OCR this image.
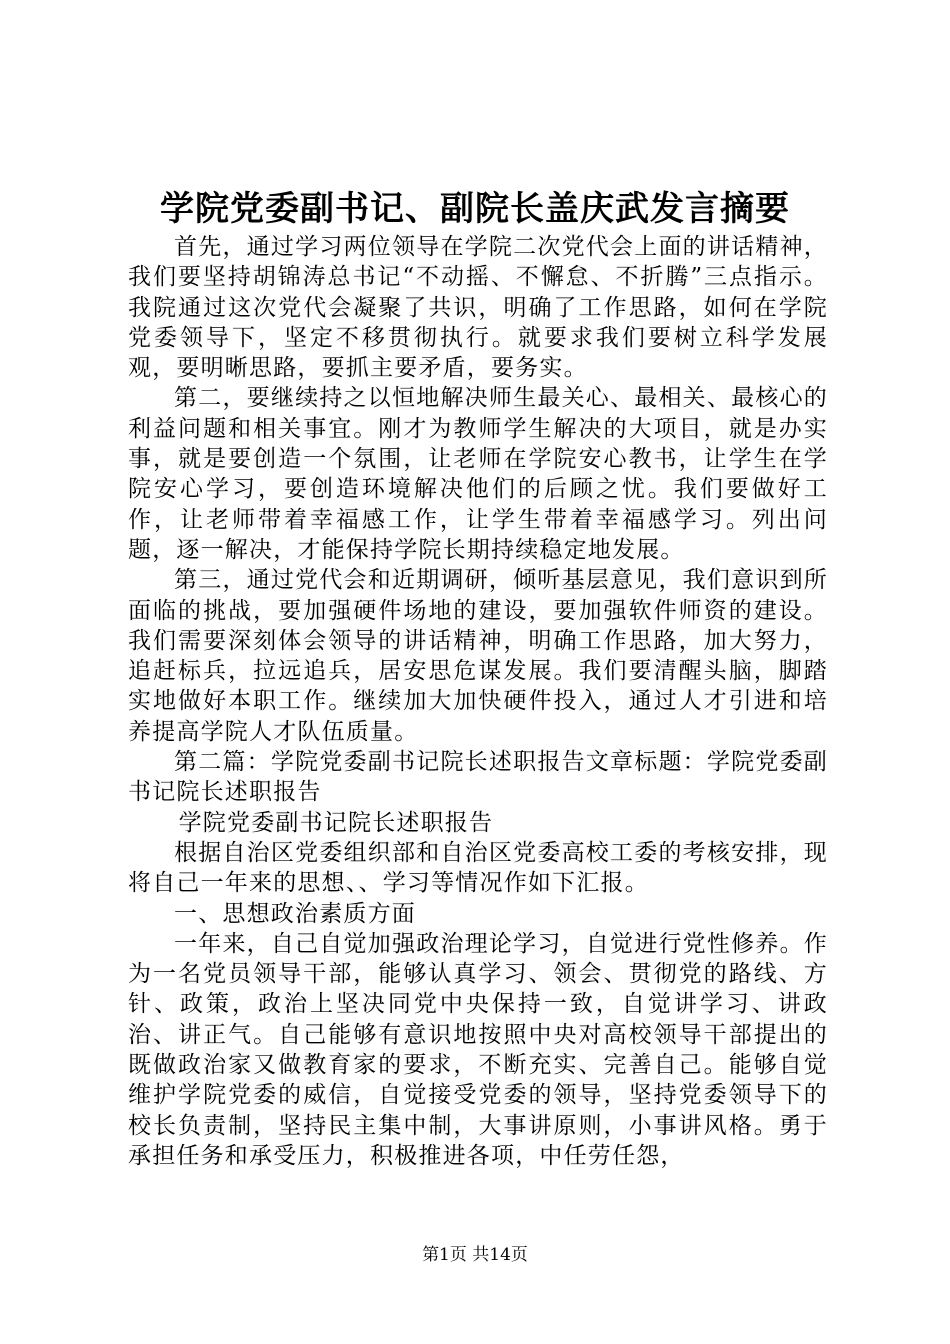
学院党委副书记、副院长盖庆武发言摘要

首先，通过学习两位领导在学院二次党代会上面的讲话精神，我们要坚持胡锦涛总书记“不动摇、不懈怠、不折腾”三点指示。我院通过这次党代会凝聚了共识，明确了工作思路，如何在学院党委领导下，坚定不移贯彻执行。就要求我们要树立科学发展观，要明晰思路，要抓主要矛盾，要务实。

第二，要继续持之以恒地解决师生最关心、最相关、最核心的利益问题和相关事宜。刚才为教师学生解决的大项目，就是办实事，就是要创造一个氛围，让老师在学院安心教书，让学生在学院安心学习，要创造环境解决他们的后顾之忧。我们要做好工作，让老师带着幸福感工作，让学生带着幸福感学习。列出问题，逐一解决，才能保持学院长期持续稳定地发展。

第三，通过党代会和近期调研，倾听基层意见，我们意识到所面临的挑战，要加强硬件场地的建设，要加强软件师资的建设。我们需要深刻体会领导的讲话精神，明确工作思路，加大努力，追赶标兵，拉远追兵，居安思危谋发展。我们要清醒头脑，脚踏实地做好本职工作。继续加大加快硬件投入，通过人才引进和培养提高学院人才队伍质量。

第二篇：学院党委副书记院长述职报告文章标题：学院党委副书记院长述职报告

学院党委副书记院长述职报告

根据自治区党委组织部和自治区党委高校工委的考核安排，现将自己一年来的思想、、学习等情况作如下汇报。

一、思想政治素质方面

一年来，自己自觉加强政治理论学习，自觉进行党性修养。作为一名党员领导干部，能够认真学习、领会、贯彻党的路线、方针、政策，政治上坚决同党中央保持一致，自觉讲学习、讲政治、讲正气。自己能够有意识地按照中央对高校领导干部提出的既做政治家又做教育家的要求，不断充实、完善自己。能够自觉维护学院党委的威信，自觉接受党委的领导，坚持党委领导下的校长负责制，坚持民主集中制，大事讲原则，小事讲风格。勇于承担任务和承受压力，积极推进各项，中任劳任怨，

第1页 共14页
